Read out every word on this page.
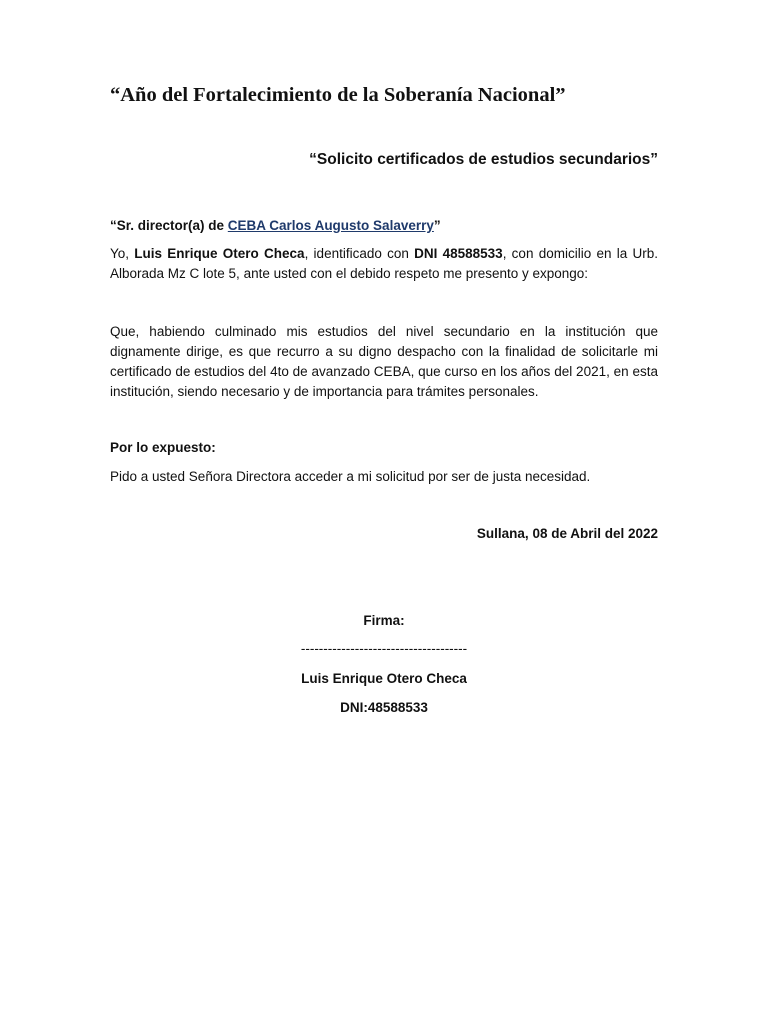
“Año del Fortalecimiento de la Soberanía Nacional”
“Solicito certificados de estudios secundarios”
“Sr. director(a) de CEBA Carlos Augusto Salaverry”
Yo, Luis Enrique Otero Checa, identificado con DNI 48588533, con domicilio en la Urb. Alborada Mz C lote 5, ante usted con el debido respeto me presento y expongo:
Que, habiendo culminado mis estudios del nivel secundario en la institución que dignamente dirige, es que recurro a su digno despacho con la finalidad de solicitarle mi certificado de estudios del 4to de avanzado CEBA, que curso en los años del 2021, en esta institución, siendo necesario y de importancia para trámites personales.
Por lo expuesto:
Pido a usted Señora Directora acceder a mi solicitud por ser de justa necesidad.
Sullana, 08 de Abril del 2022
Firma:
-------------------------------------
Luis Enrique Otero Checa
DNI:48588533
